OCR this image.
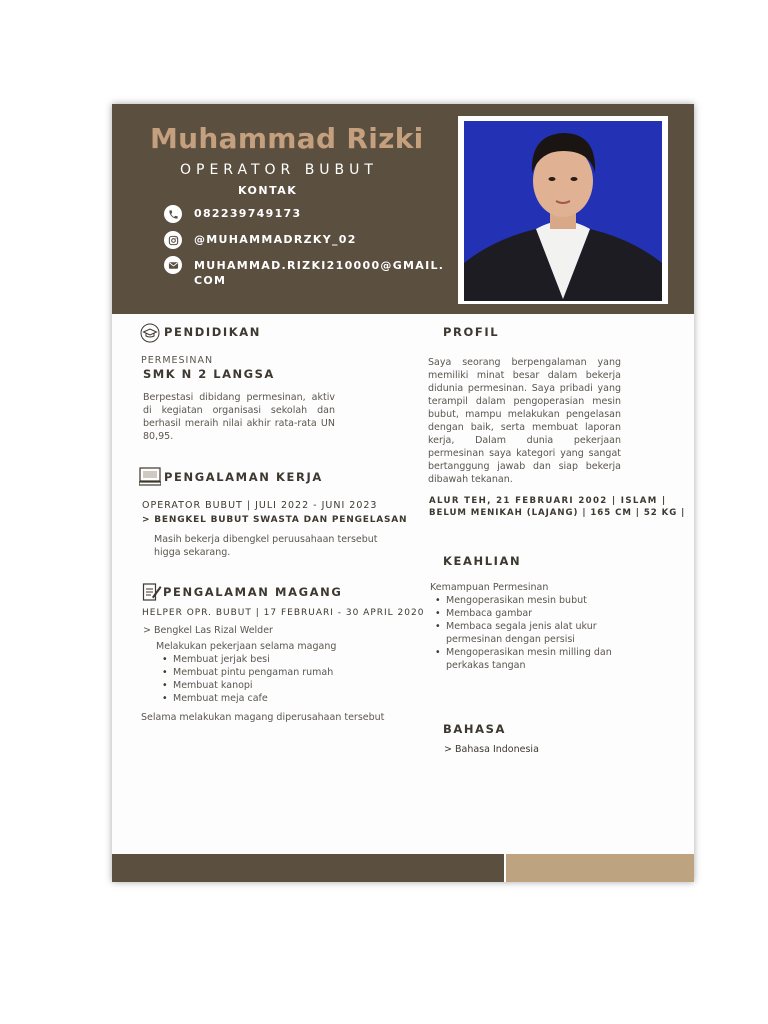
Muhammad Rizki
OPERATOR BUBUT
KONTAK
082239749173
@MUHAMMADRZKY_02
MUHAMMAD.RIZKI210000@GMAIL.
COM
PENDIDIKAN
PERMESINAN
SMK N 2 LANGSA
Berpestasi dibidang permesinan, aktiv di kegiatan organisasi sekolah dan berhasil meraih nilai akhir rata-rata UN 80,95.
PENGALAMAN KERJA
OPERATOR BUBUT | JULI 2022 - JUNI 2023
> BENGKEL BUBUT SWASTA DAN PENGELASAN
Masih bekerja dibengkel peruusahaan tersebut higga sekarang.
PENGALAMAN MAGANG
HELPER OPR. BUBUT | 17 FEBRUARI - 30 APRIL 2020
> Bengkel Las Rizal Welder
Melakukan pekerjaan selama magang
• Membuat jerjak besi
• Membuat pintu pengaman rumah
• Membuat kanopi
• Membuat meja cafe
Selama melakukan magang diperusahaan tersebut
PROFIL
Saya seorang berpengalaman yang memiliki minat besar dalam bekerja didunia permesinan. Saya pribadi yang terampil dalam pengoperasian mesin bubut, mampu melakukan pengelasan dengan baik, serta membuat laporan kerja, Dalam dunia pekerjaan permesinan saya kategori yang sangat bertanggung jawab dan siap bekerja dibawah tekanan.
ALUR TEH, 21 FEBRUARI 2002 | ISLAM |
BELUM MENIKAH (LAJANG) | 165 CM | 52 KG |
KEAHLIAN
Kemampuan Permesinan
• Mengoperasikan mesin bubut
• Membaca gambar
• Membaca segala jenis alat ukur permesinan dengan persisi
• Mengoperasikan mesin milling dan perkakas tangan
BAHASA
> Bahasa Indonesia
